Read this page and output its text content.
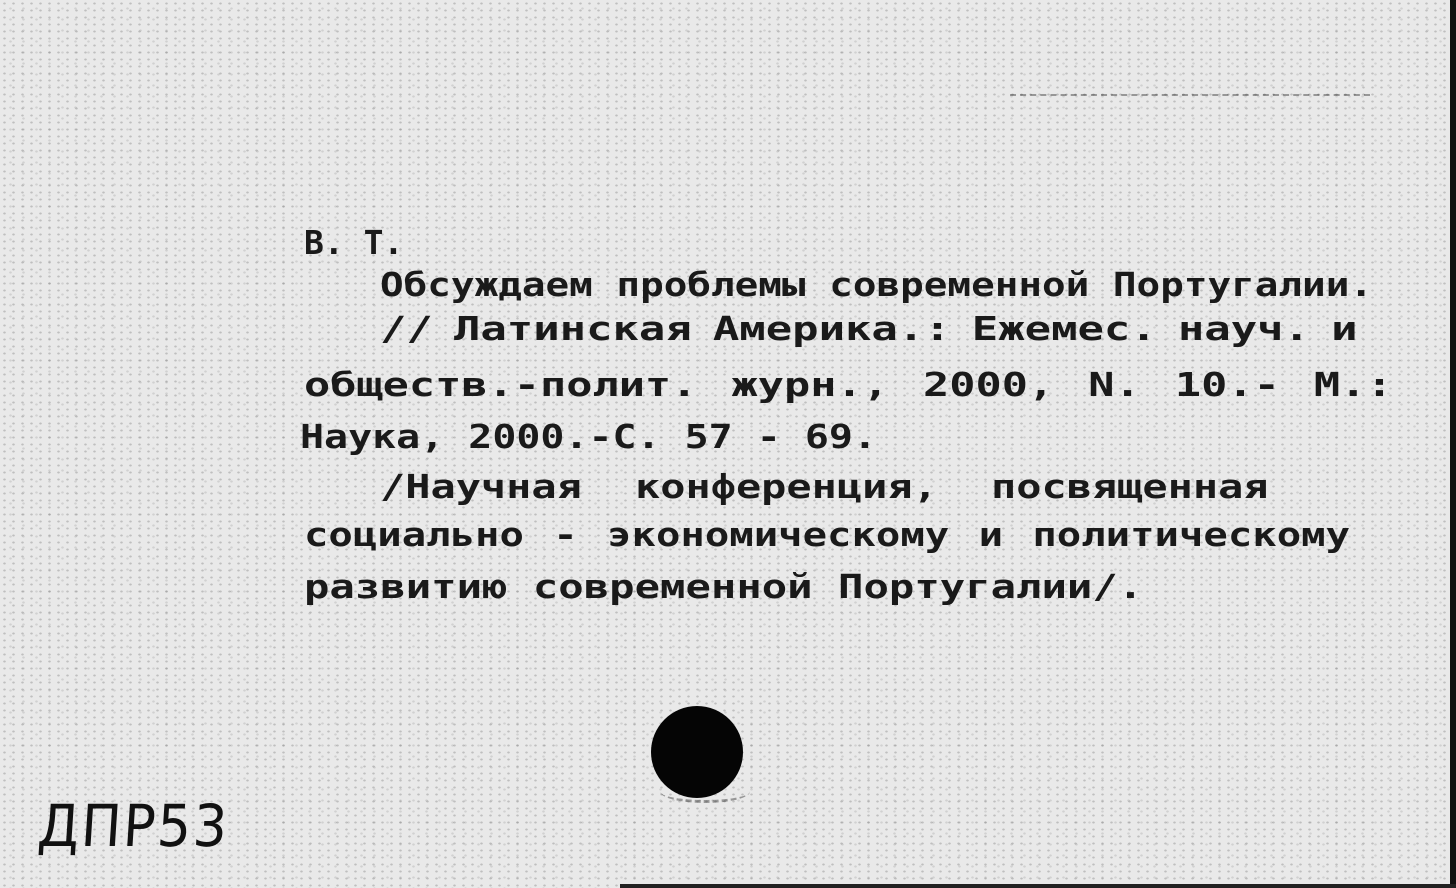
В. Т.
Обсуждаем проблемы современной Португалии.
// Латинская Америка.: Ежемес. науч. и
обществ.-полит. журн., 2000, N. 10.- М.:
Наука, 2000.-С. 57 - 69.
/Научная конференция, посвященная
социально - экономическому и политическому
развитию современной Португалии/.
ДПР53
